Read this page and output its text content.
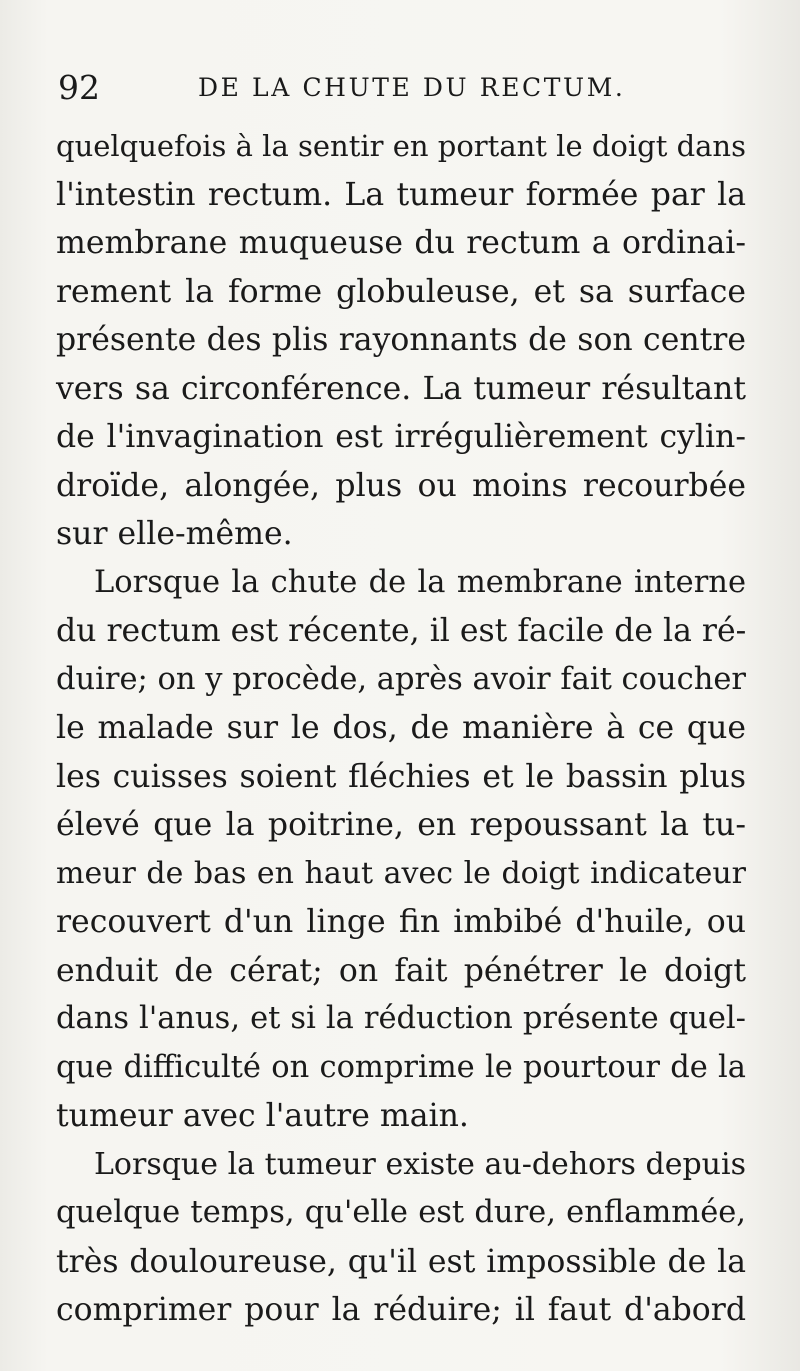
92	DE LA CHUTE DU RECTUM.
quelquefois à la sentir en portant le doigt dans
l'intestin rectum. La tumeur formée par la
membrane muqueuse du rectum a ordinai-
rement la forme globuleuse, et sa surface
présente des plis rayonnants de son centre
vers sa circonférence. La tumeur résultant
de l'invagination est irrégulièrement cylin-
droïde, alongée, plus ou moins recourbée
sur elle-même.
Lorsque la chute de la membrane interne
du rectum est récente, il est facile de la ré-
duire; on y procède, après avoir fait coucher
le malade sur le dos, de manière à ce que
les cuisses soient fléchies et le bassin plus
élevé que la poitrine, en repoussant la tu-
meur de bas en haut avec le doigt indicateur
recouvert d'un linge fin imbibé d'huile, ou
enduit de cérat; on fait pénétrer le doigt
dans l'anus, et si la réduction présente quel-
que difficulté on comprime le pourtour de la
tumeur avec l'autre main.
Lorsque la tumeur existe au-dehors depuis
quelque temps, qu'elle est dure, enflammée,
très douloureuse, qu'il est impossible de la
comprimer pour la réduire; il faut d'abord
